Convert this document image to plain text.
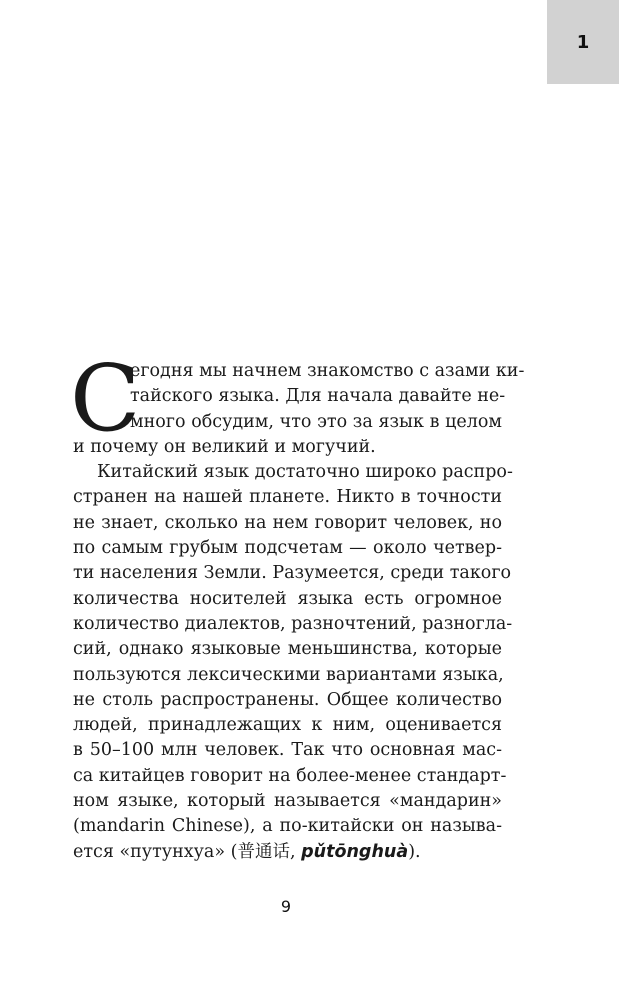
1
С
егодня мы начнем знакомство с азами ки-
тайского языка. Для начала давайте не-
много обсудим, что это за язык в целом
и почему он великий и могучий.
Китайский язык достаточно широко распро-
странен на нашей планете. Никто в точности
не знает, сколько на нем говорит человек, но
по самым грубым подсчетам — около четвер-
ти населения Земли. Разумеется, среди такого
количества носителей языка есть огромное
количество диалектов, разночтений, разногла-
сий, однако языковые меньшинства, которые
пользуются лексическими вариантами языка,
не столь распространены. Общее количество
людей, принадлежащих к ним, оценивается
в 50–100 млн человек. Так что основная мас-
са китайцев говорит на более-менее стандарт-
ном языке, который называется «мандарин»
(mandarin Chinese), а по-китайски он называ-
ется «путунхуа» (普通话, pǔtōnghuà).
9
